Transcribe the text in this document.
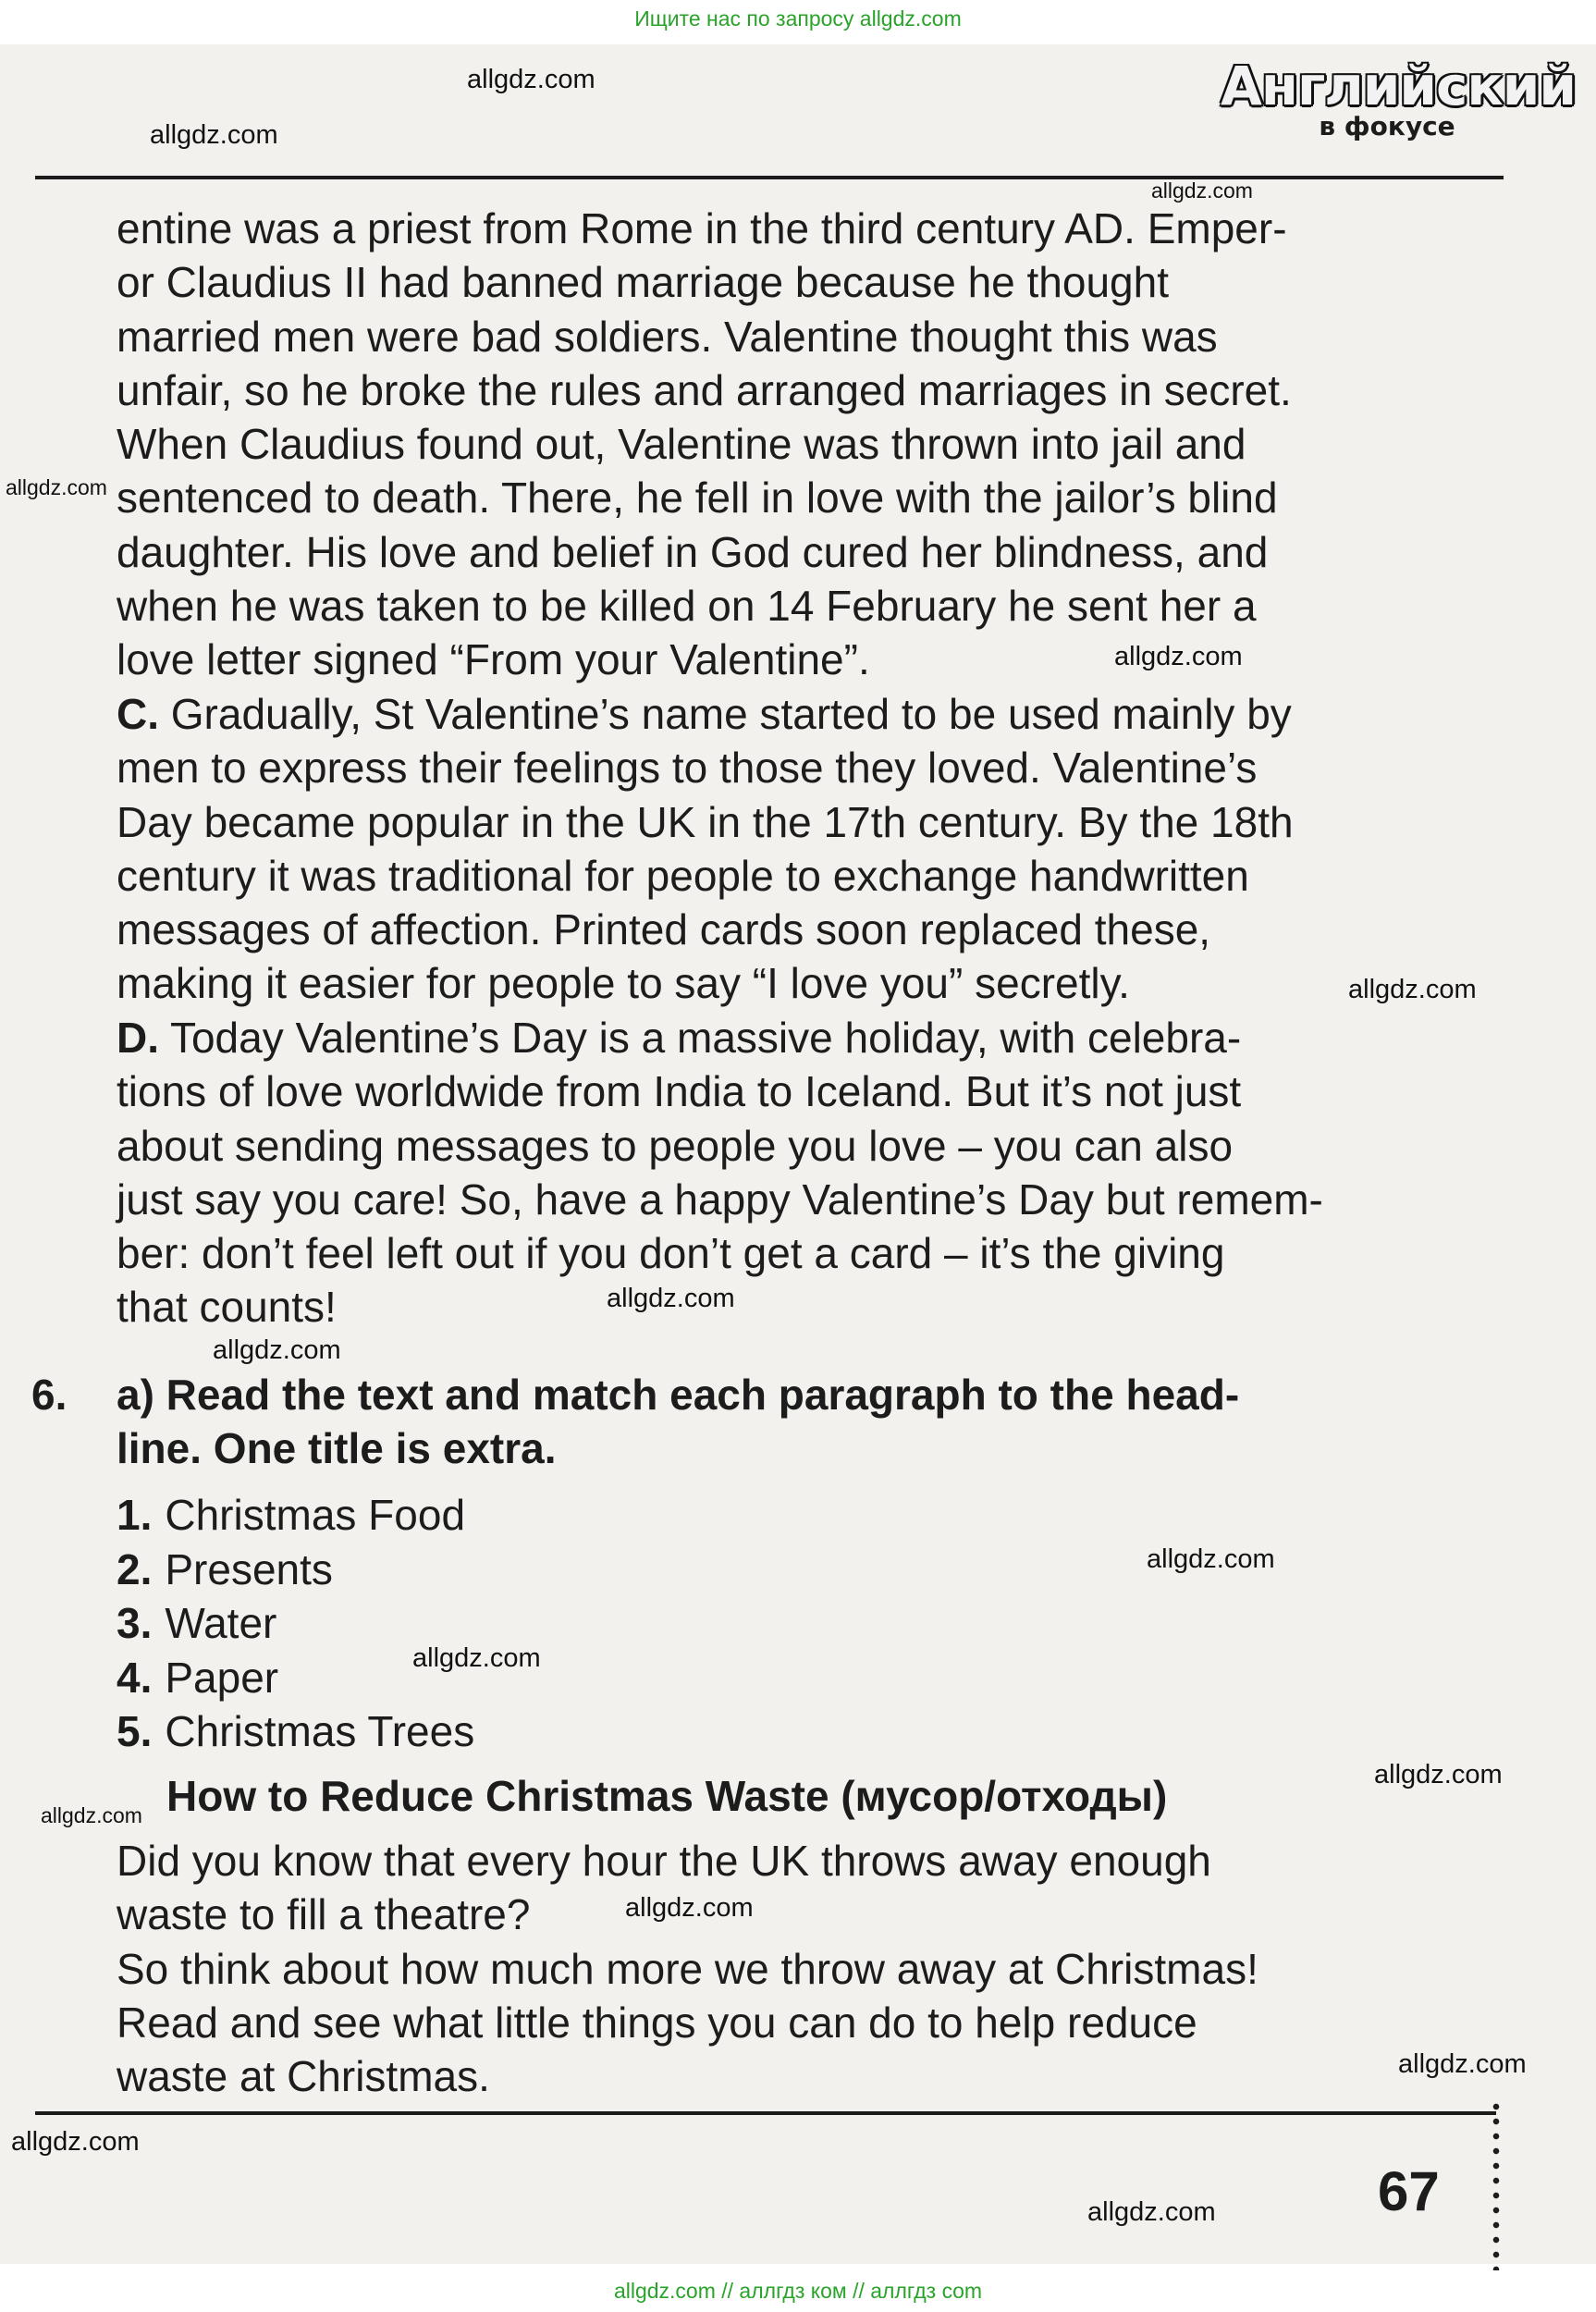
Ищите нас по запросу allgdz.com
Английский
в фокусе
entine was a priest from Rome in the third century AD. Emper-
or Claudius II had banned marriage because he thought
married men were bad soldiers. Valentine thought this was
unfair, so he broke the rules and arranged marriages in secret.
When Claudius found out, Valentine was thrown into jail and
sentenced to death. There, he fell in love with the jailor’s blind
daughter. His love and belief in God cured her blindness, and
when he was taken to be killed on 14 February he sent her a
love letter signed “From your Valentine”.
C. Gradually, St Valentine’s name started to be used mainly by
men to express their feelings to those they loved. Valentine’s
Day became popular in the UK in the 17th century. By the 18th
century it was traditional for people to exchange handwritten
messages of affection. Printed cards soon replaced these,
making it easier for people to say “I love you” secretly.
D. Today Valentine’s Day is a massive holiday, with celebra-
tions of love worldwide from India to Iceland. But it’s not just
about sending messages to people you love – you can also
just say you care! So, have a happy Valentine’s Day but remem-
ber: don’t feel left out if you don’t get a card – it’s the giving
that counts!
6. a) Read the text and match each paragraph to the head-
line. One title is extra.
1. Christmas Food
2. Presents
3. Water
4. Paper
5. Christmas Trees
How to Reduce Christmas Waste (мусор/отходы)
Did you know that every hour the UK throws away enough
waste to fill a theatre?
So think about how much more we throw away at Christmas!
Read and see what little things you can do to help reduce
waste at Christmas.
67
allgdz.com
allgdz.com
allgdz.com
allgdz.com
allgdz.com
allgdz.com
allgdz.com
allgdz.com
allgdz.com
allgdz.com
allgdz.com
allgdz.com
allgdz.com
allgdz.com
allgdz.com
allgdz.com
allgdz.com // аллгдз ком // аллгдз com
